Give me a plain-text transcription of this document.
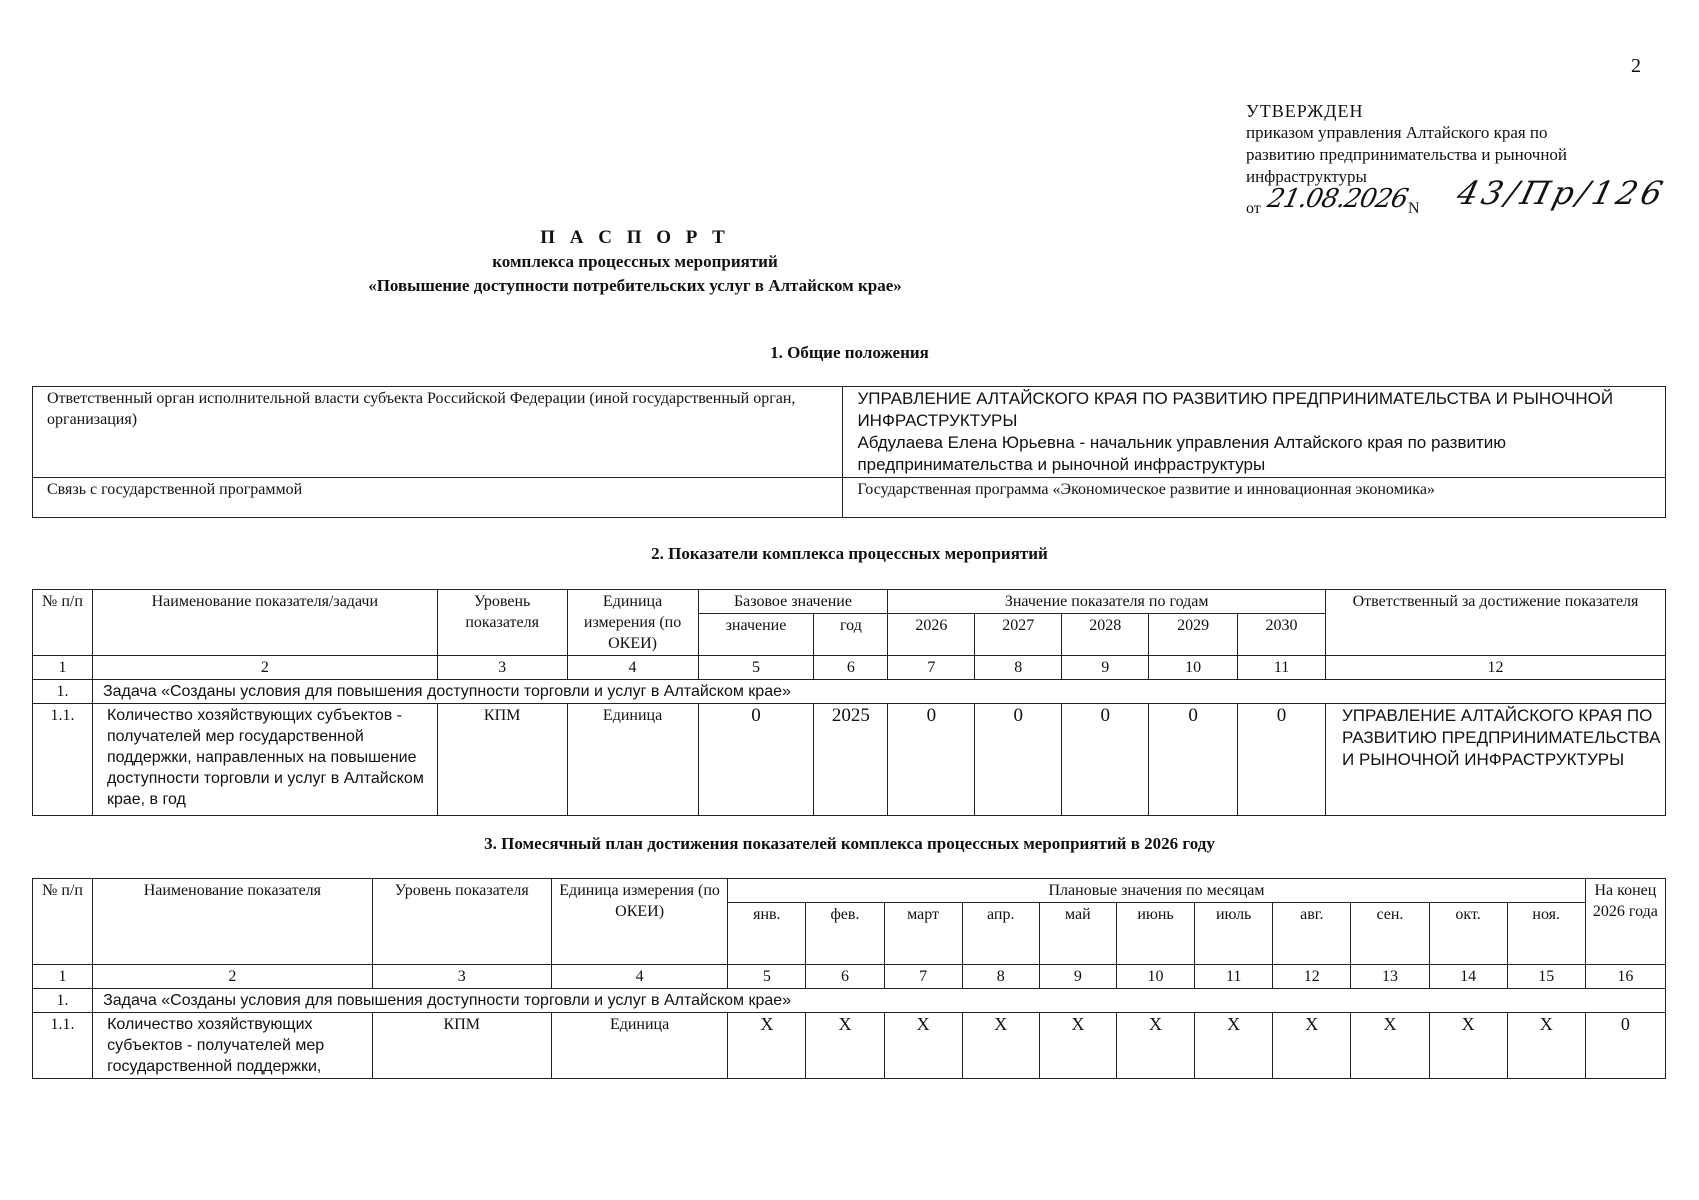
2
УТВЕРЖДЕН
приказом управления Алтайского края по
развитию предпринимательства и рыночной
инфраструктуры
от 21.08.2026
N 43/Пр/126
П А С П О Р Т
комплекса процессных мероприятий
«Повышение доступности потребительских услуг в Алтайском крае»
1. Общие положения
Ответственный орган исполнительной власти субъекта Российской Федерации (иной государственный орган, организация)	УПРАВЛЕНИЕ АЛТАЙСКОГО КРАЯ ПО РАЗВИТИЮ ПРЕДПРИНИМАТЕЛЬСТВА И РЫНОЧНОЙ ИНФРАСТРУКТУРЫ
Абдулаева Елена Юрьевна - начальник управления Алтайского края по развитию предпринимательства и рыночной инфраструктуры

Связь с государственной программой	Государственная программа «Экономическое развитие и инновационная экономика»
2. Показатели комплекса процессных мероприятий
№ п/п	Наименование показателя/задачи	Уровень показателя	Единица измерения (по ОКЕИ)	Базовое значение		Значение показателя по годам					Ответственный за достижение показателя
				значение	год	2026	2027	2028	2029	2030	
1	2	3	4	5	6	7	8	9	10	11	12
1.	Задача «Созданы условия для повышения доступности торговли и услуг в Алтайском крае»										
1.1.	Количество хозяйствующих субъектов - получателей мер государственной поддержки, направленных на повышение доступности торговли и услуг в Алтайском крае, в год	КПМ	Единица	0	2025	0	0	0	0	0	УПРАВЛЕНИЕ АЛТАЙСКОГО КРАЯ ПО РАЗВИТИЮ ПРЕДПРИНИМАТЕЛЬСТВА И РЫНОЧНОЙ ИНФРАСТРУКТУРЫ
3. Помесячный план достижения показателей комплекса процессных мероприятий в 2026 году
№ п/п	Наименование показателя	Уровень показателя	Единица измерения (по ОКЕИ)	Плановые значения по месяцам											На конец 2026 года
				янв.	фев.	март	апр.	май	июнь	июль	авг.	сен.	окт.	ноя.	
1	2	3	4	5	6	7	8	9	10	11	12	13	14	15	16
1.	Задача «Созданы условия для повышения доступности торговли и услуг в Алтайском крае»														
1.1.	Количество хозяйствующих субъектов - получателей мер государственной поддержки,	КПМ	Единица	X	X	X	X	X	X	X	X	X	X	X	0
